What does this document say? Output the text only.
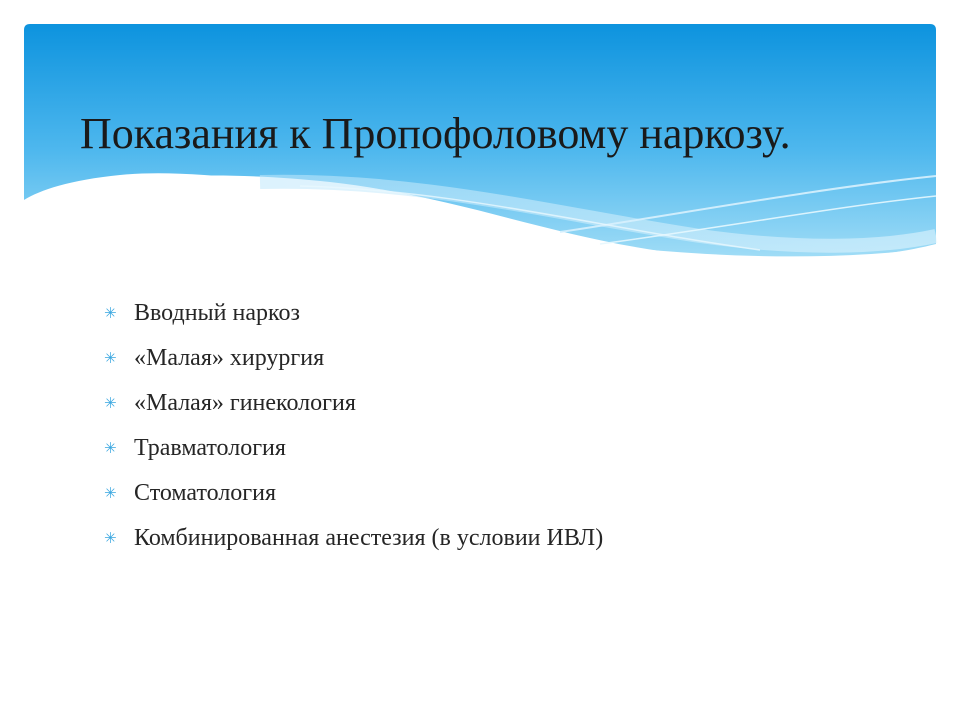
Показания к Пропофоловому наркозу.
✳ Вводный наркоз
✳ «Малая» хирургия
✳ «Малая» гинекология
✳ Травматология
✳ Стоматология
✳ Комбинированная анестезия (в условии ИВЛ)
